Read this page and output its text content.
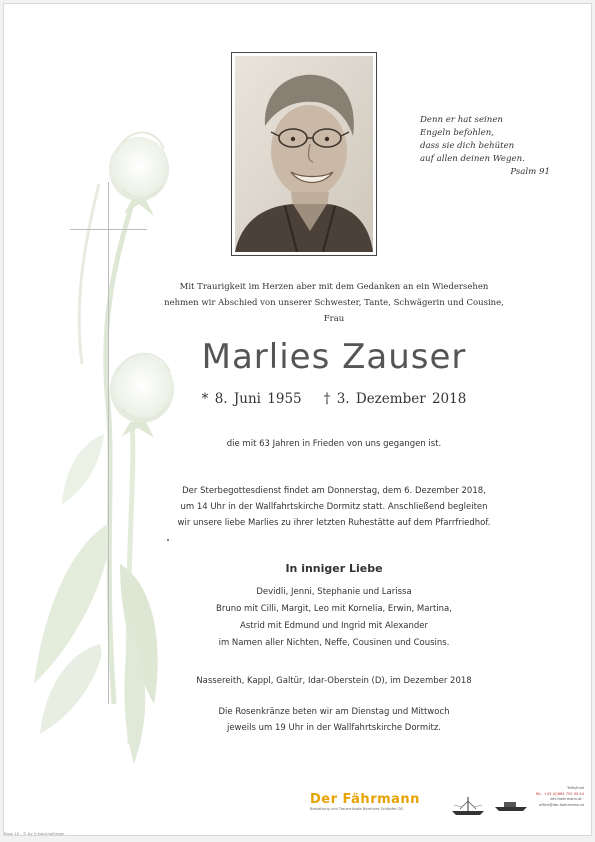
Denn er hat seinen
Engeln befohlen,
dass sie dich behüten
auf allen deinen Wegen.
Psalm 91
Mit Traurigkeit im Herzen aber mit dem Gedanken an ein Wiedersehen
nehmen wir Abschied von unserer Schwester, Tante, Schwägerin und Cousine,
Frau
Marlies Zauser
* 8. Juni 1955 † 3. Dezember 2018
die mit 63 Jahren in Frieden von uns gegangen ist.
Der Sterbegottesdienst findet am Donnerstag, dem 6. Dezember 2018,
um 14 Uhr in der Wallfahrtskirche Dormitz statt. Anschließend begleiten
wir unsere liebe Marlies zu ihrer letzten Ruhestätte auf dem Pfarrfriedhof.
In inniger Liebe
Devidli, Jenni, Stephanie und Larissa
Bruno mit Cilli, Margit, Leo mit Kornelia, Erwin, Martina,
Astrid mit Edmund und Ingrid mit Alexander
im Namen aller Nichten, Neffe, Cousinen und Cousins.
Nassereith, Kappl, Galtür, Idar-Oberstein (D), im Dezember 2018
Die Rosenkränze beten wir am Dienstag und Mittwoch
jeweils um 19 Uhr in der Wallfahrtskirche Dormitz.
Der Fährmann
Bestattung und Trauerrituale Bernhard Schöpfer-OG
Telfs/Imst
Tel.: +43 (0)664 755 99 44
der-faehrmann.at · office@der-faehrmann.at
Rose 10 - © by U.Hochhaltinger
